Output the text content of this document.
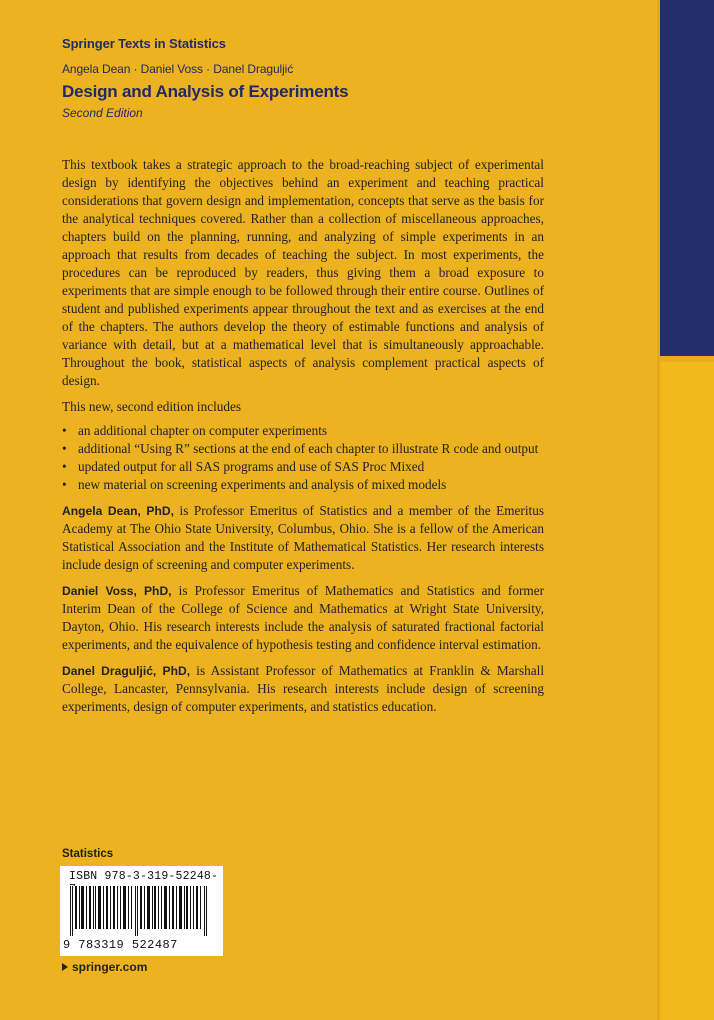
Springer Texts in Statistics
Angela Dean · Daniel Voss · Danel Draguljić
Design and Analysis of Experiments
Second Edition

This textbook takes a strategic approach to the broad-reaching subject of experimental design by identifying the objectives behind an experiment and teaching practical considerations that govern design and implementation, concepts that serve as the basis for the analytical techniques covered. Rather than a collection of miscellaneous approaches, chapters build on the planning, running, and analyzing of simple experiments in an approach that results from decades of teaching the subject. In most experiments, the procedures can be reproduced by readers, thus giving them a broad exposure to experiments that are simple enough to be followed through their entire course. Outlines of student and published experiments appear throughout the text and as exercises at the end of the chapters. The authors develop the theory of estimable functions and analysis of variance with detail, but at a mathematical level that is simultaneously approachable. Throughout the book, statistical aspects of analysis complement practical aspects of design.

This new, second edition includes

• an additional chapter on computer experiments
• additional “Using R” sections at the end of each chapter to illustrate R code and output
• updated output for all SAS programs and use of SAS Proc Mixed
• new material on screening experiments and analysis of mixed models

Angela Dean, PhD, is Professor Emeritus of Statistics and a member of the Emeritus Academy at The Ohio State University, Columbus, Ohio. She is a fellow of the American Statistical Association and the Institute of Mathematical Statistics. Her research interests include design of screening and computer experiments.

Daniel Voss, PhD, is Professor Emeritus of Mathematics and Statistics and former Interim Dean of the College of Science and Mathematics at Wright State University, Dayton, Ohio. His research interests include the analysis of saturated fractional factorial experiments, and the equivalence of hypothesis testing and confidence interval estimation.

Danel Draguljić, PhD, is Assistant Professor of Mathematics at Franklin & Marshall College, Lancaster, Pennsylvania. His research interests include design of screening experiments, design of computer experiments, and statistics education.

Statistics
ISBN 978-3-319-52248-
9 783319 522487
springer.com
